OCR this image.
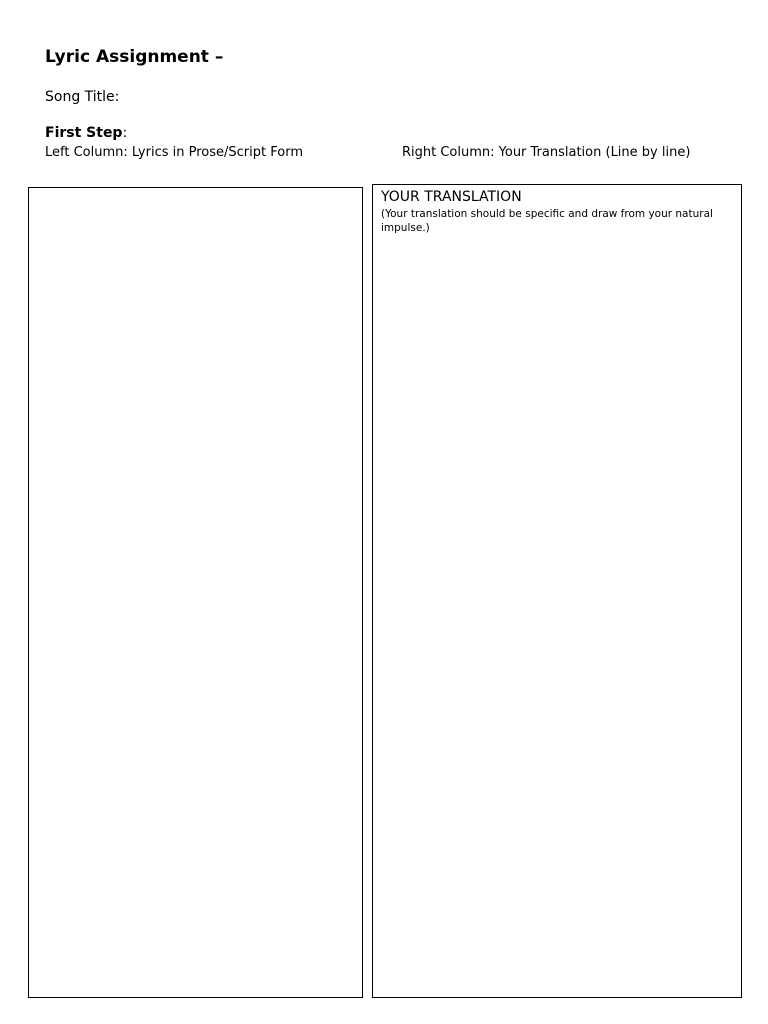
Lyric Assignment –
Song Title:
First Step:
Left Column: Lyrics in Prose/Script Form	Right Column: Your Translation (Line by line)
YOUR TRANSLATION
(Your translation should be specific and draw from your natural impulse.)
